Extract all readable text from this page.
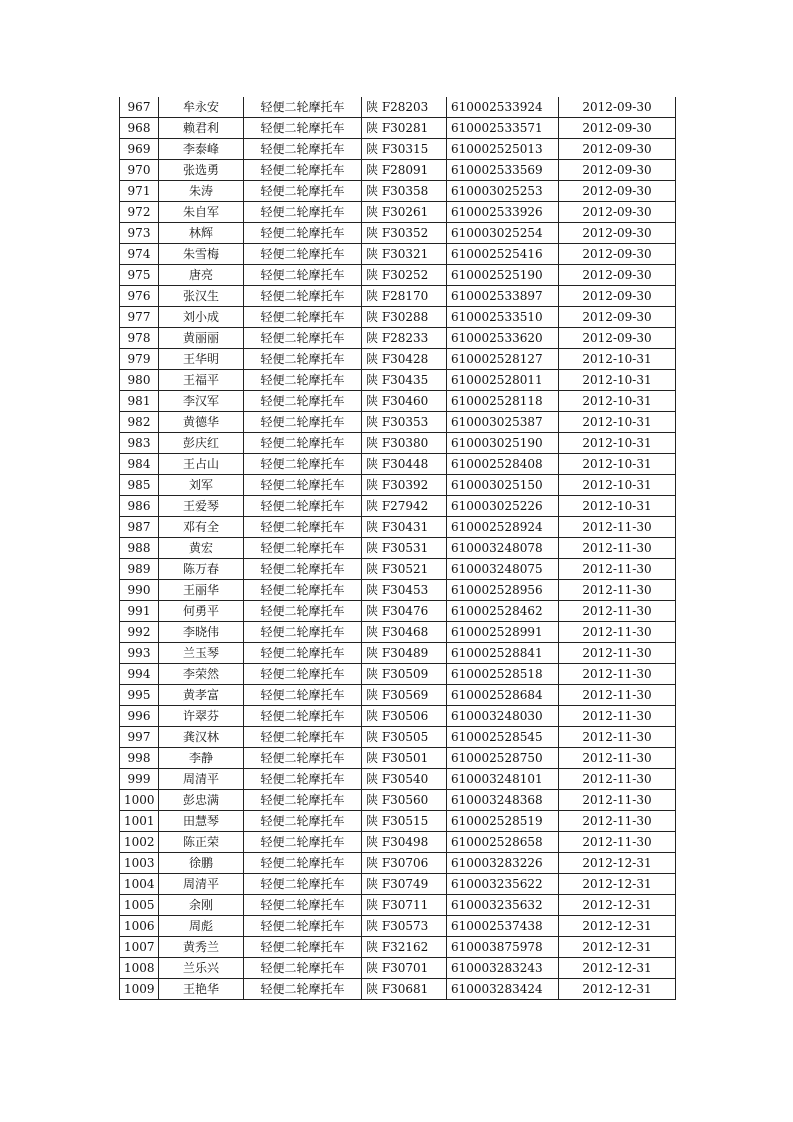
967	牟永安	轻便二轮摩托车	陕 F28203	610002533924	2012-09-30
968	赖君利	轻便二轮摩托车	陕 F30281	610002533571	2012-09-30
969	李泰峰	轻便二轮摩托车	陕 F30315	610002525013	2012-09-30
970	张选勇	轻便二轮摩托车	陕 F28091	610002533569	2012-09-30
971	朱涛	轻便二轮摩托车	陕 F30358	610003025253	2012-09-30
972	朱自军	轻便二轮摩托车	陕 F30261	610002533926	2012-09-30
973	林辉	轻便二轮摩托车	陕 F30352	610003025254	2012-09-30
974	朱雪梅	轻便二轮摩托车	陕 F30321	610002525416	2012-09-30
975	唐亮	轻便二轮摩托车	陕 F30252	610002525190	2012-09-30
976	张汉生	轻便二轮摩托车	陕 F28170	610002533897	2012-09-30
977	刘小成	轻便二轮摩托车	陕 F30288	610002533510	2012-09-30
978	黄丽丽	轻便二轮摩托车	陕 F28233	610002533620	2012-09-30
979	王华明	轻便二轮摩托车	陕 F30428	610002528127	2012-10-31
980	王福平	轻便二轮摩托车	陕 F30435	610002528011	2012-10-31
981	李汉军	轻便二轮摩托车	陕 F30460	610002528118	2012-10-31
982	黄德华	轻便二轮摩托车	陕 F30353	610003025387	2012-10-31
983	彭庆红	轻便二轮摩托车	陕 F30380	610003025190	2012-10-31
984	王占山	轻便二轮摩托车	陕 F30448	610002528408	2012-10-31
985	刘军	轻便二轮摩托车	陕 F30392	610003025150	2012-10-31
986	王爱琴	轻便二轮摩托车	陕 F27942	610003025226	2012-10-31
987	邓有全	轻便二轮摩托车	陕 F30431	610002528924	2012-11-30
988	黄宏	轻便二轮摩托车	陕 F30531	610003248078	2012-11-30
989	陈万春	轻便二轮摩托车	陕 F30521	610003248075	2012-11-30
990	王丽华	轻便二轮摩托车	陕 F30453	610002528956	2012-11-30
991	何勇平	轻便二轮摩托车	陕 F30476	610002528462	2012-11-30
992	李晓伟	轻便二轮摩托车	陕 F30468	610002528991	2012-11-30
993	兰玉琴	轻便二轮摩托车	陕 F30489	610002528841	2012-11-30
994	李荣然	轻便二轮摩托车	陕 F30509	610002528518	2012-11-30
995	黄孝富	轻便二轮摩托车	陕 F30569	610002528684	2012-11-30
996	许翠芬	轻便二轮摩托车	陕 F30506	610003248030	2012-11-30
997	龚汉林	轻便二轮摩托车	陕 F30505	610002528545	2012-11-30
998	李静	轻便二轮摩托车	陕 F30501	610002528750	2012-11-30
999	周清平	轻便二轮摩托车	陕 F30540	610003248101	2012-11-30
1000	彭忠满	轻便二轮摩托车	陕 F30560	610003248368	2012-11-30
1001	田慧琴	轻便二轮摩托车	陕 F30515	610002528519	2012-11-30
1002	陈正荣	轻便二轮摩托车	陕 F30498	610002528658	2012-11-30
1003	徐鹏	轻便二轮摩托车	陕 F30706	610003283226	2012-12-31
1004	周清平	轻便二轮摩托车	陕 F30749	610003235622	2012-12-31
1005	余刚	轻便二轮摩托车	陕 F30711	610003235632	2012-12-31
1006	周彪	轻便二轮摩托车	陕 F30573	610002537438	2012-12-31
1007	黄秀兰	轻便二轮摩托车	陕 F32162	610003875978	2012-12-31
1008	兰乐兴	轻便二轮摩托车	陕 F30701	610003283243	2012-12-31
1009	王艳华	轻便二轮摩托车	陕 F30681	610003283424	2012-12-31
